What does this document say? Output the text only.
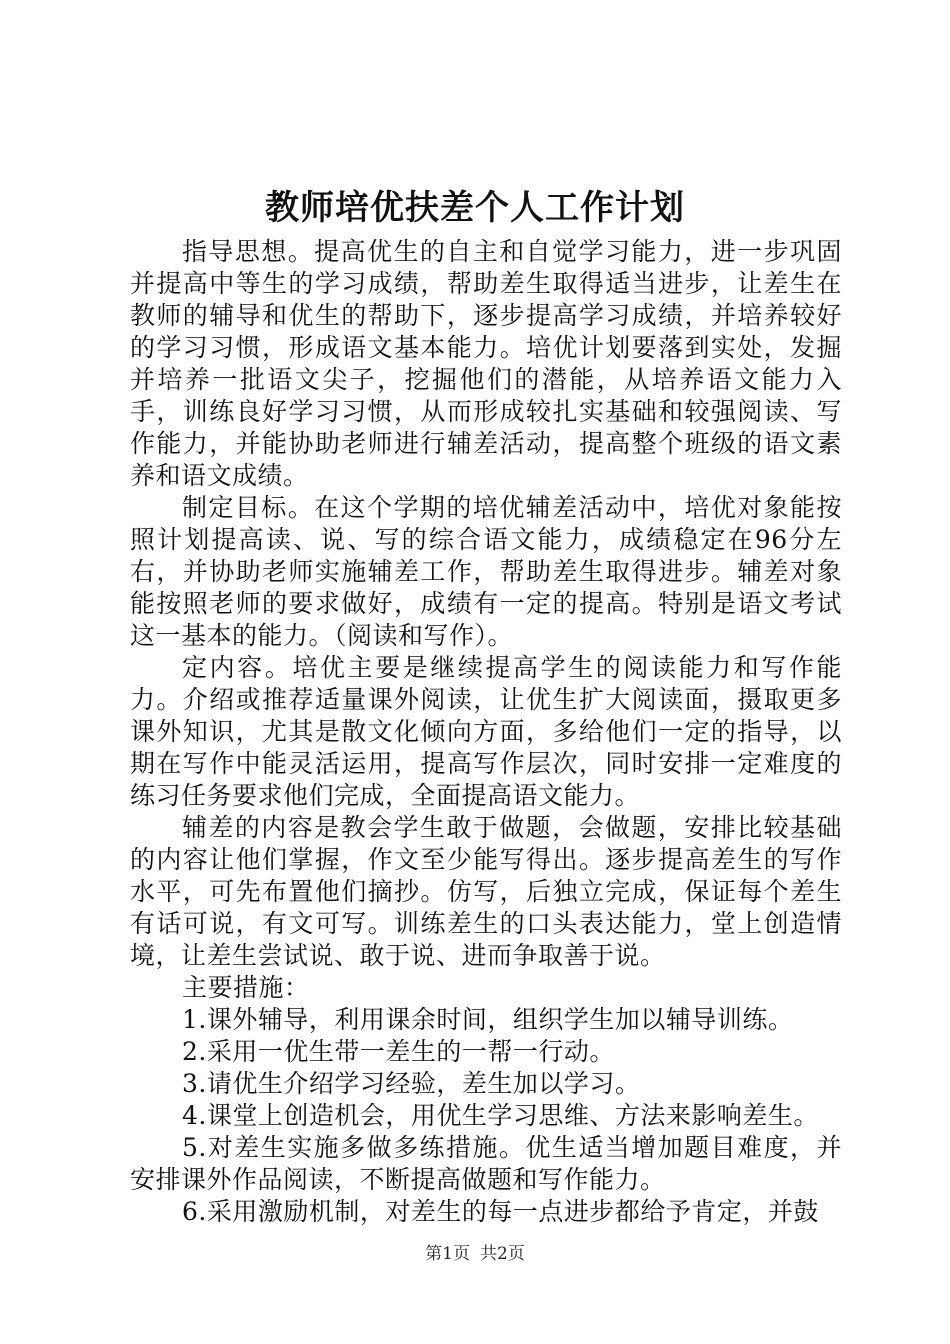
教师培优扶差个人工作计划

指导思想。提高优生的自主和自觉学习能力，进一步巩固并提高中等生的学习成绩，帮助差生取得适当进步，让差生在教师的辅导和优生的帮助下，逐步提高学习成绩，并培养较好的学习习惯，形成语文基本能力。培优计划要落到实处，发掘并培养一批语文尖子，挖掘他们的潜能，从培养语文能力入手，训练良好学习习惯，从而形成较扎实基础和较强阅读、写作能力，并能协助老师进行辅差活动，提高整个班级的语文素养和语文成绩。

制定目标。在这个学期的培优辅差活动中，培优对象能按照计划提高读、说、写的综合语文能力，成绩稳定在96分左右，并协助老师实施辅差工作，帮助差生取得进步。辅差对象能按照老师的要求做好，成绩有一定的提高。特别是语文考试这一基本的能力。（阅读和写作）。

定内容。培优主要是继续提高学生的阅读能力和写作能力。介绍或推荐适量课外阅读，让优生扩大阅读面，摄取更多课外知识，尤其是散文化倾向方面，多给他们一定的指导，以期在写作中能灵活运用，提高写作层次，同时安排一定难度的练习任务要求他们完成，全面提高语文能力。

辅差的内容是教会学生敢于做题，会做题，安排比较基础的内容让他们掌握，作文至少能写得出。逐步提高差生的写作水平，可先布置他们摘抄。仿写，后独立完成，保证每个差生有话可说，有文可写。训练差生的口头表达能力，堂上创造情境，让差生尝试说、敢于说、进而争取善于说。

主要措施：

1.课外辅导，利用课余时间，组织学生加以辅导训练。

2.采用一优生带一差生的一帮一行动。

3.请优生介绍学习经验，差生加以学习。

4.课堂上创造机会，用优生学习思维、方法来影响差生。

5.对差生实施多做多练措施。优生适当增加题目难度，并安排课外作品阅读，不断提高做题和写作能力。

6.采用激励机制，对差生的每一点进步都给予肯定，并鼓

第1页 共2页
